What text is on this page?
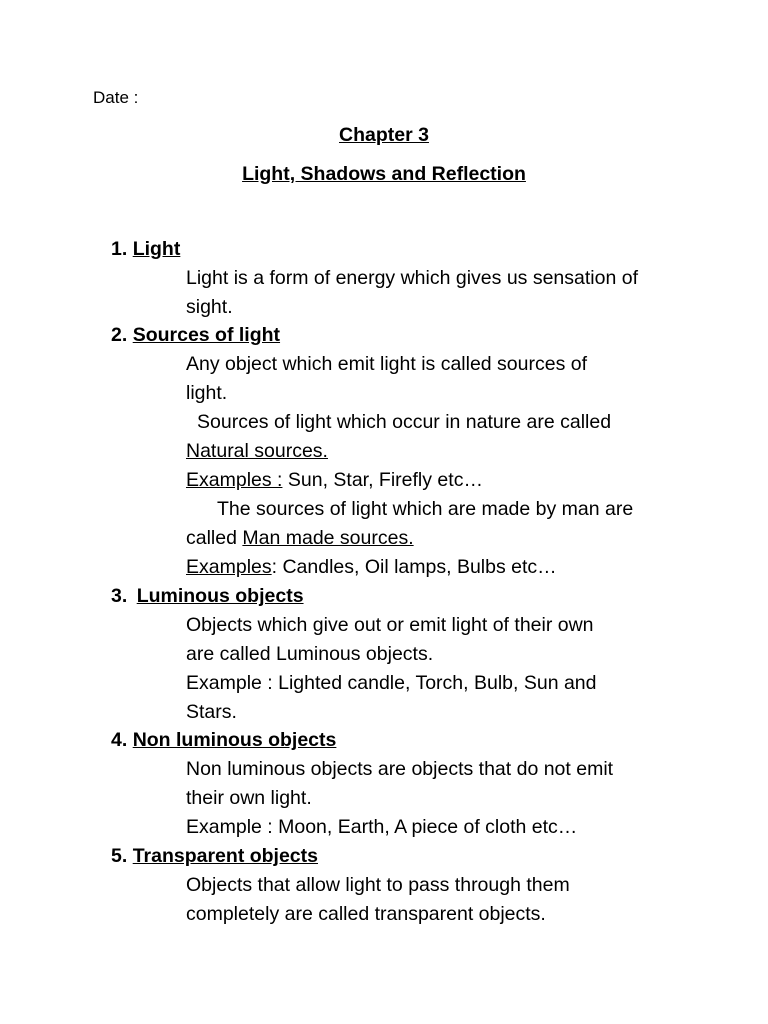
Date :
Chapter 3
Light, Shadows and Reflection
1. Light
Light is a form of energy which gives us sensation of
sight.
2. Sources of light
Any object which emit light is called sources of
light.
Sources of light which occur in nature are called
Natural sources.
Examples : Sun, Star, Firefly etc…
The sources of light which are made by man are
called Man made sources.
Examples: Candles, Oil lamps, Bulbs etc…
3. Luminous objects
Objects which give out or emit light of their own
are called Luminous objects.
Example : Lighted candle, Torch, Bulb, Sun and
Stars.
4. Non luminous objects
Non luminous objects are objects that do not emit
their own light.
Example : Moon, Earth, A piece of cloth etc…
5. Transparent objects
Objects that allow light to pass through them
completely are called transparent objects.
